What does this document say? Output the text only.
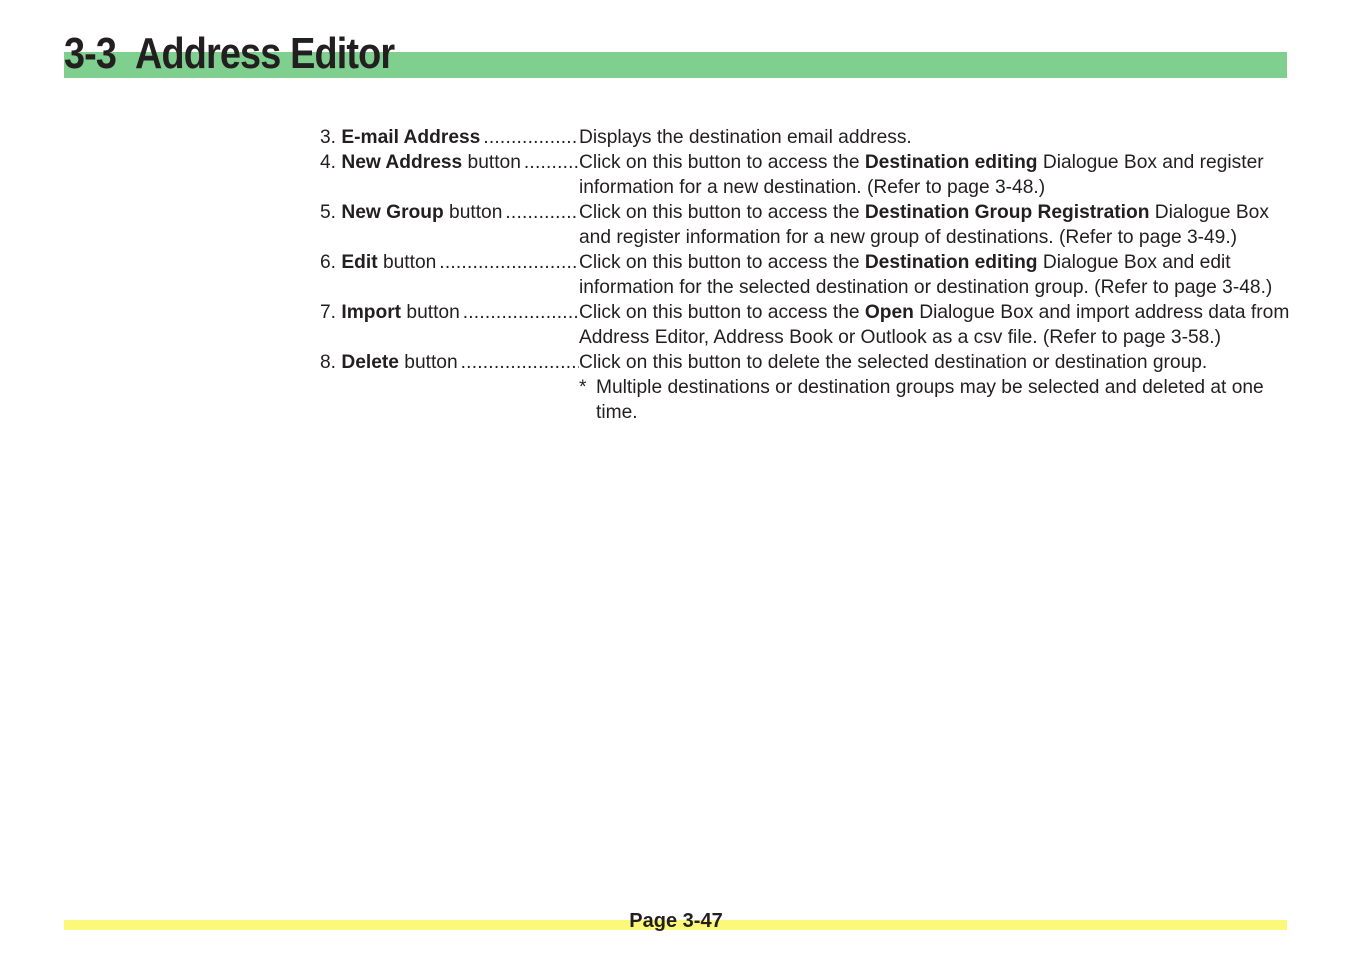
3-3 Address Editor
3. E-mail Address .....	Displays the destination email address.
4. New Address button .....	Click on this button to access the Destination editing Dialogue Box and register information for a new destination. (Refer to page 3-48.)
5. New Group button .....	Click on this button to access the Destination Group Registration Dialogue Box and register information for a new group of destinations. (Refer to page 3-49.)
6. Edit button .....	Click on this button to access the Destination editing Dialogue Box and edit information for the selected destination or destination group. (Refer to page 3-48.)
7. Import button .....	Click on this button to access the Open Dialogue Box and import address data from Address Editor, Address Book or Outlook as a csv file. (Refer to page 3-58.)
8. Delete button .....	Click on this button to delete the selected destination or destination group.
* Multiple destinations or destination groups may be selected and deleted at one time.
Page 3-47
